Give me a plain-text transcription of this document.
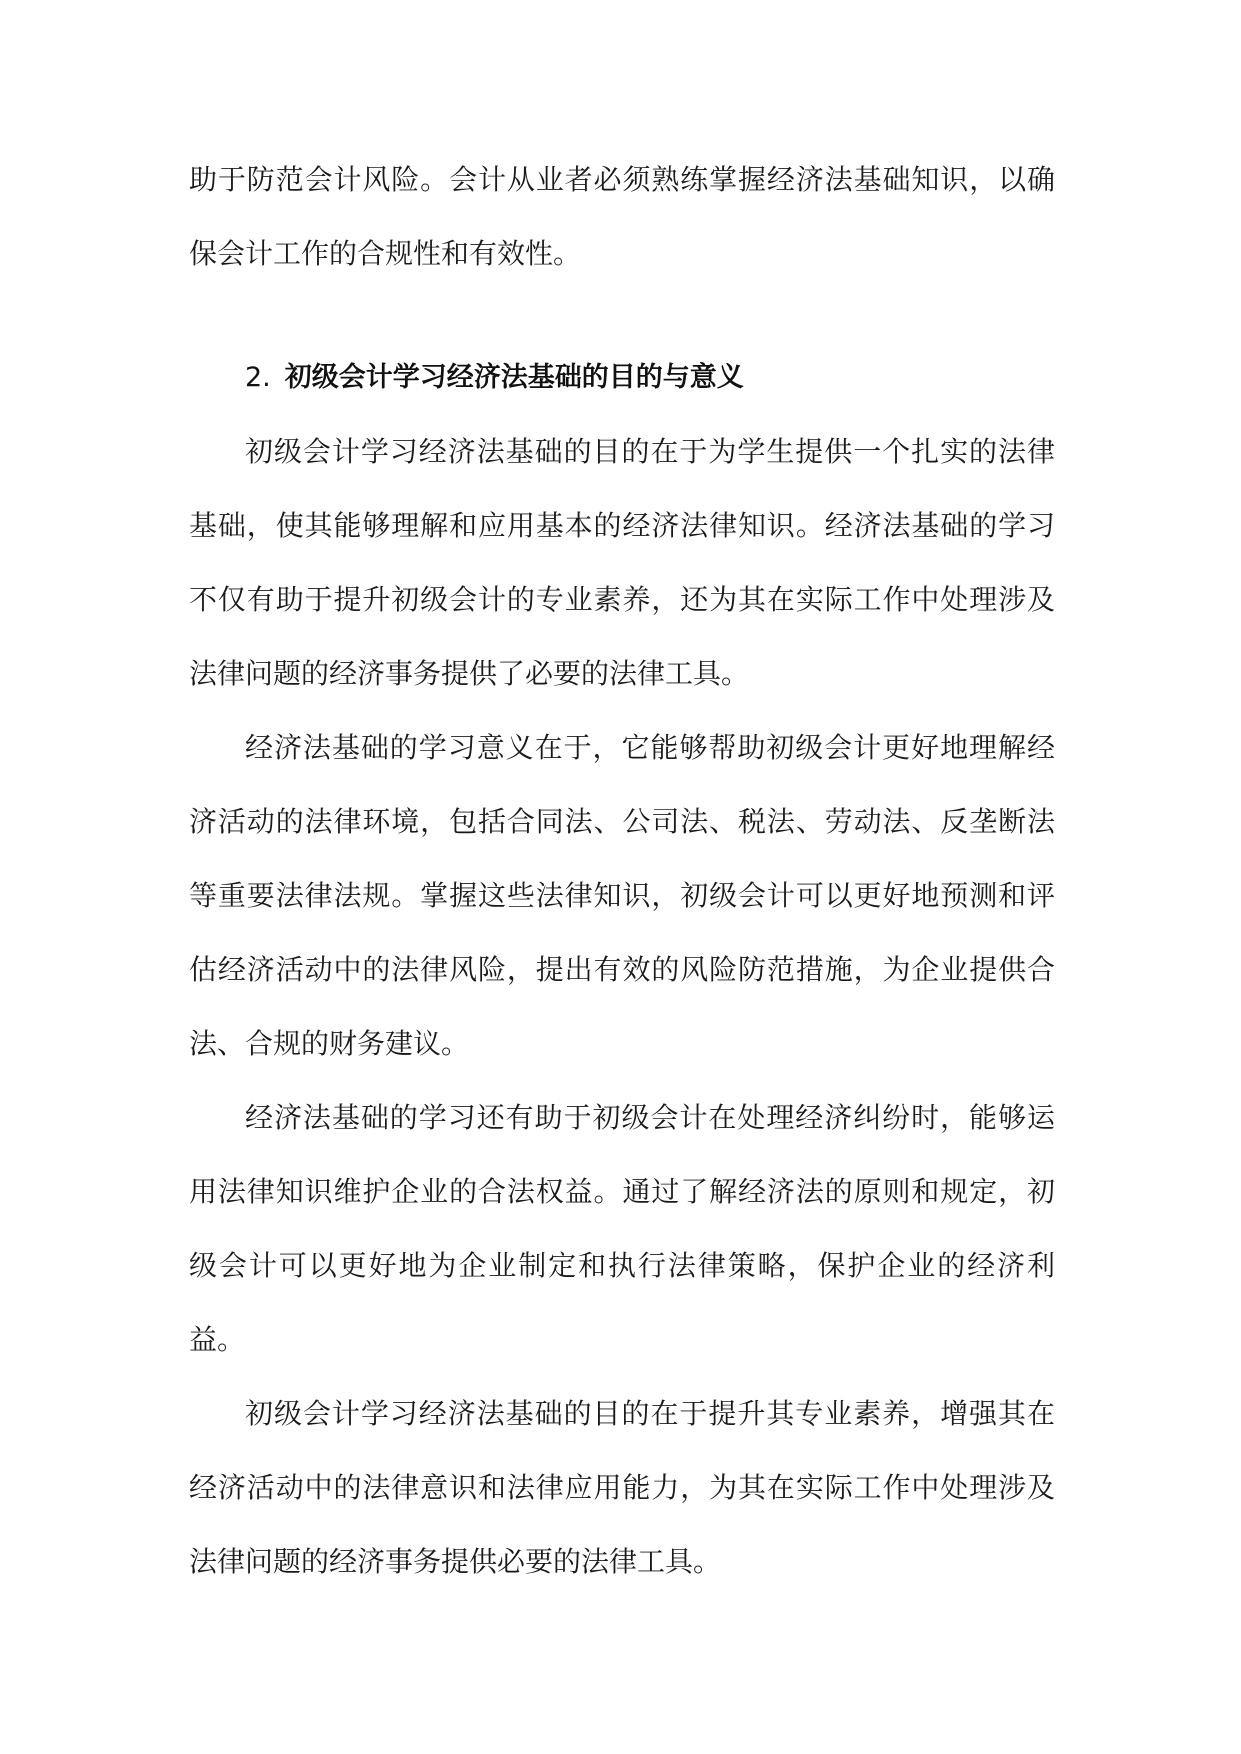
助于防范会计风险。会计从业者必须熟练掌握经济法基础知识，以确保会计工作的合规性和有效性。

2. 初级会计学习经济法基础的目的与意义

初级会计学习经济法基础的目的在于为学生提供一个扎实的法律基础，使其能够理解和应用基本的经济法律知识。经济法基础的学习不仅有助于提升初级会计的专业素养，还为其在实际工作中处理涉及法律问题的经济事务提供了必要的法律工具。

经济法基础的学习意义在于，它能够帮助初级会计更好地理解经济活动的法律环境，包括合同法、公司法、税法、劳动法、反垄断法等重要法律法规。掌握这些法律知识，初级会计可以更好地预测和评估经济活动中的法律风险，提出有效的风险防范措施，为企业提供合法、合规的财务建议。

经济法基础的学习还有助于初级会计在处理经济纠纷时，能够运用法律知识维护企业的合法权益。通过了解经济法的原则和规定，初级会计可以更好地为企业制定和执行法律策略，保护企业的经济利益。

初级会计学习经济法基础的目的在于提升其专业素养，增强其在经济活动中的法律意识和法律应用能力，为其在实际工作中处理涉及法律问题的经济事务提供必要的法律工具。
